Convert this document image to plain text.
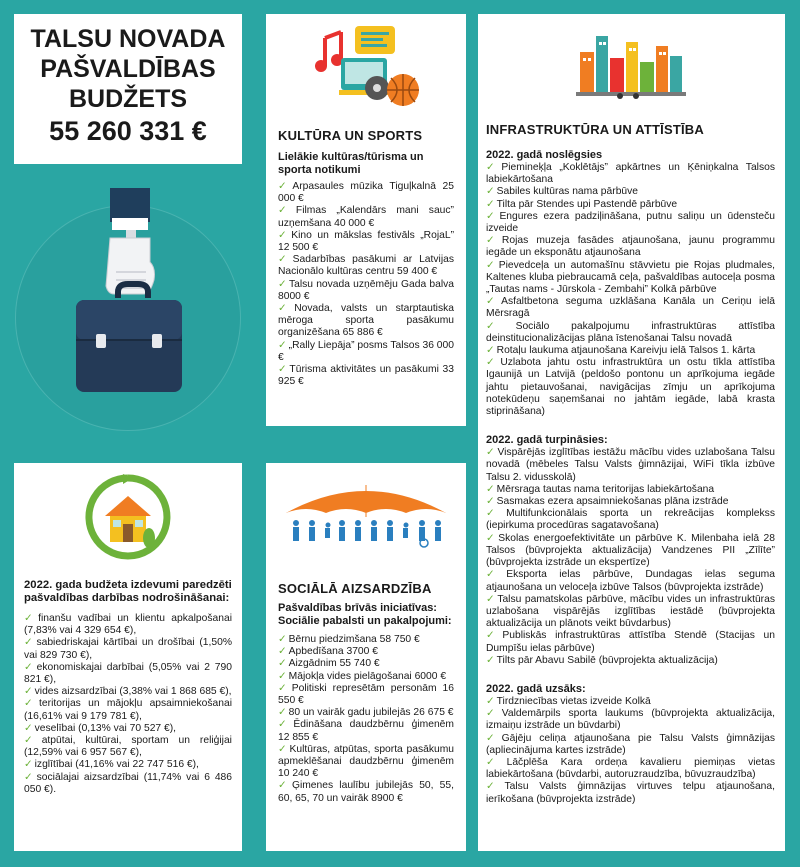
TALSU NOVADA
PAŠVALDĪBAS
BUDŽETS
55 260 331 €	KULTŪRA UN SPORTS
Lielākie kultūras/tūrisma un sporta notikumi
✓ Arpasaules mūzika Tiguļkalnā 25 000 €
✓ Filmas „Kalendārs mani sauc” uzņemšana 40 000 €
✓ Kino un mākslas festivāls „RojaL” 12 500 €
✓ Sadarbības pasākumi ar Latvijas Nacionālo kultūras centru 59 400 €
✓ Talsu novada uzņēmēju Gada balva 8000 €
✓ Novada, valsts un starptautiska mēroga sporta pasākumu organizēšana 65 886 €
✓ „Rally Liepāja” posms Talsos 36 000 €
✓ Tūrisma aktivitātes un pasākumi 33 925 €
INFRASTRUKTŪRA UN ATTĪSTĪBA
2022. gadā noslēgsies
✓ Piemineķļa „Koklētājs” apkārtnes un Ķēniņkalna Talsos labiekārtošana
✓ Sabiles kultūras nama pārbūve
✓ Tilta pār Stendes upi Pastendē pārbūve
✓ Engures ezera padziļināšana, putnu saliņu un ūdensteču izveide
✓ Rojas muzeja fasādes atjaunošana, jaunu programmu iegāde un eksponātu atjaunošana
✓ Pievedceļa un automašīnu stāvvietu pie Rojas pludmales, Kaltenes kluba piebraucamā ceļa, pašvaldības autoceļa posma „Tautas nams - Jūrskola - Zembahi” Kolkā pārbūve
✓ Asfaltbetona seguma uzklāšana Kanāla un Ceriņu ielā Mērsragā
✓ Sociālo pakalpojumu infrastruktūras attīstība deinstitucionalizācijas plāna īstenošanai Talsu novadā
✓ Rotaļu laukuma atjaunošana Kareivju ielā Talsos 1. kārta
✓ Uzlabota jahtu ostu infrastruktūra un ostu tīkla attīstība Igaunijā un Latvijā (peldošo pontonu un aprīkojuma iegāde jahtu pietauvošanai, navigācijas zīmju un aprīkojuma notekūdeņu saņemšanai no jahtām iegāde, labā krasta stiprināšana)
2022. gadā turpināsies:
✓ Vispārējās izglītības iestāžu mācību vides uzlabošana Talsu novadā (mēbeles Talsu Valsts ģimnāzijai, WiFi tīkla izbūve Talsu 2. vidusskolā)
✓ Mērsraga tautas nama teritorijas labiekārtošana
✓ Sasmakas ezera apsaimniekošanas plāna izstrāde
✓ Multifunkcionālais sporta un rekreācijas komplekss (iepirkuma procedūras sagatavošana)
✓ Skolas energoefektivitāte un pārbūve K. Milenbaha ielā 28 Talsos (būvprojekta aktualizācija) Vandzenes PII „Zīlīte” (būvprojekta izstrāde un ekspertīze)
✓ Eksporta ielas pārbūve, Dundagas ielas seguma atjaunošana un veloceļa izbūve Talsos (būvprojekta izstrāde)
✓ Talsu pamatskolas pārbūve, mācību vides un infrastruktūras uzlabošana vispārējās izglītības iestādē (būvprojekta aktualizācija un plānots veikt būvdarbus)
✓ Publiskās infrastruktūras attīstība Stendē (Stacijas un Dumpīšu ielas pārbūve)
✓ Tilts pār Abavu Sabilē (būvprojekta aktualizācija)
2022. gadā uzsāks:
✓ Tirdzniecības vietas izveide Kolkā
✓ Valdemārpils sporta laukums (būvprojekta aktualizācija, izmaiņu izstrāde un būvdarbi)
✓ Gājēju celiņa atjaunošana pie Talsu Valsts ģimnāzijas (apliecinājuma kartes izstrāde)
✓ Lāčplēša Kara ordeņa kavalieru piemiņas vietas labiekārtošana (būvdarbi, autoruzraudzība, būvuzraudzība)
✓ Talsu Valsts ģimnāzijas virtuves telpu atjaunošana, ierīkošana (būvprojekta izstrāde)
2022. gada budžeta izdevumi paredzēti pašvaldības darbības nodrošināšanai:
✓ finanšu vadībai un klientu apkalpošanai (7,83% vai 4 329 654 €),
✓ sabiedriskajai kārtībai un drošībai (1,50% vai 829 730 €),
✓ ekonomiskajai darbībai (5,05% vai 2 790 821 €),
✓ vides aizsardzībai (3,38% vai 1 868 685 €),
✓ teritorijas un mājokļu apsaimniekošanai (16,61% vai 9 179 781 €),
✓ veselībai (0,13% vai 70 527 €),
✓ atpūtai, kultūrai, sportam un reliģijai (12,59% vai 6 957 567 €),
✓ izglītībai (41,16% vai 22 747 516 €),
✓ sociālajai aizsardzībai (11,74% vai 6 486 050 €).
SOCIĀLĀ AIZSARDZĪBA
Pašvaldības brīvās iniciatīvas: Sociālie pabalsti un pakalpojumi:
✓ Bērnu piedzimšana 58 750 €
✓ Apbedīšana 3700 €
✓ Aizgādnim 55 740 €
✓ Mājokļa vides pielāgošanai 6000 €
✓ Politiski represētām personām 16 550 €
✓ 80 un vairāk gadu jubilejās 26 675 €
✓ Ēdināšana daudzbērnu ģimenēm 12 855 €
✓ Kultūras, atpūtas, sporta pasākumu apmeklēšanai daudzbērnu ģimenēm 10 240 €
✓ Ģimenes laulību jubilejās 50, 55, 60, 65, 70 un vairāk 8900 €
